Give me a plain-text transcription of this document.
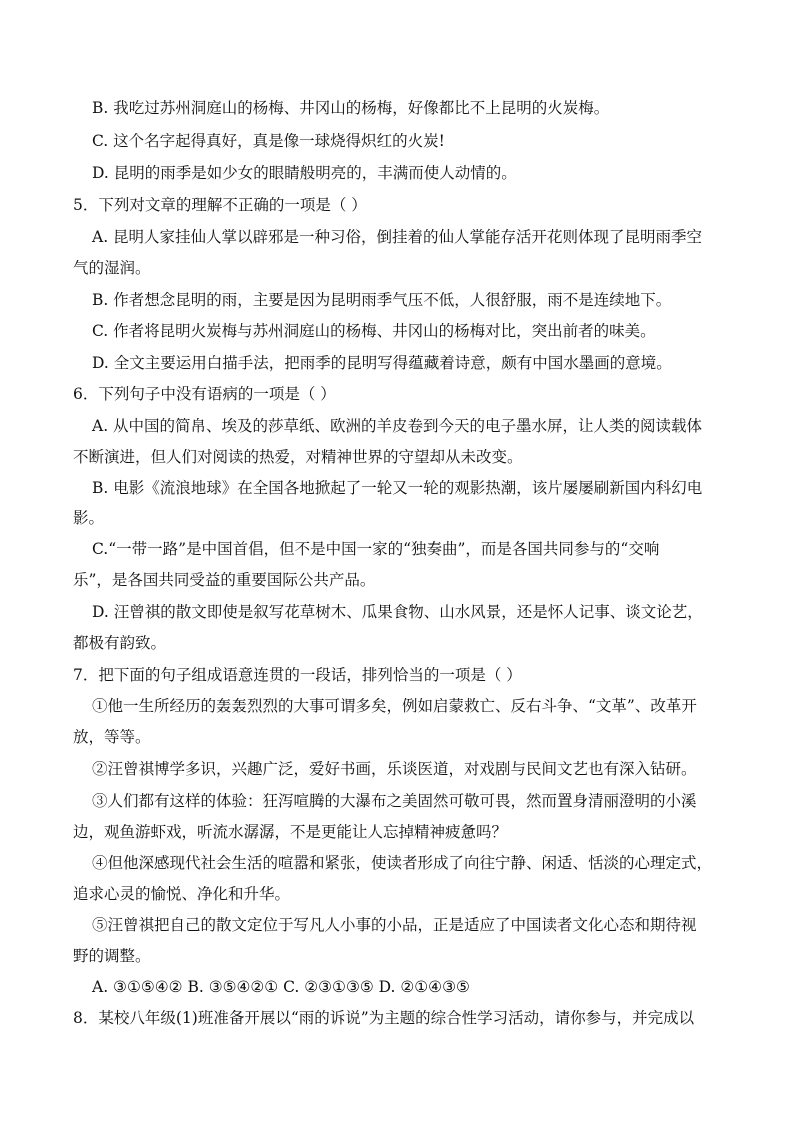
B. 我吃过苏州洞庭山的杨梅、井冈山的杨梅，好像都比不上昆明的火炭梅。
C. 这个名字起得真好，真是像一球烧得炽红的火炭!
D. 昆明的雨季是如少女的眼睛般明亮的，丰满而使人动情的。
5．下列对文章的理解不正确的一项是（ ）
A. 昆明人家挂仙人掌以辟邪是一种习俗，倒挂着的仙人掌能存活开花则体现了昆明雨季空
气的湿润。
B. 作者想念昆明的雨，主要是因为昆明雨季气压不低，人很舒服，雨不是连续地下。
C. 作者将昆明火炭梅与苏州洞庭山的杨梅、井冈山的杨梅对比，突出前者的味美。
D. 全文主要运用白描手法，把雨季的昆明写得蕴藏着诗意，颇有中国水墨画的意境。
6．下列句子中没有语病的一项是（ ）
A. 从中国的简帛、埃及的莎草纸、欧洲的羊皮卷到今天的电子墨水屏，让人类的阅读载体
不断演进，但人们对阅读的热爱，对精神世界的守望却从未改变。
B. 电影《流浪地球》在全国各地掀起了一轮又一轮的观影热潮，该片屡屡刷新国内科幻电
影。
C.“一带一路”是中国首倡，但不是中国一家的“独奏曲”，而是各国共同参与的“交响
乐”，是各国共同受益的重要国际公共产品。
D. 汪曾祺的散文即使是叙写花草树木、瓜果食物、山水风景，还是怀人记事、谈文论艺，
都极有韵致。
7．把下面的句子组成语意连贯的一段话，排列恰当的一项是（ ）
①他一生所经历的轰轰烈烈的大事可谓多矣，例如启蒙救亡、反右斗争、“文革”、改革开
放，等等。
②汪曾祺博学多识，兴趣广泛，爱好书画，乐谈医道，对戏剧与民间文艺也有深入钻研。
③人们都有这样的体验：狂泻喧腾的大瀑布之美固然可敬可畏，然而置身清丽澄明的小溪
边，观鱼游虾戏，听流水潺潺，不是更能让人忘掉精神疲惫吗？
④但他深感现代社会生活的喧嚣和紧张，使读者形成了向往宁静、闲适、恬淡的心理定式，
追求心灵的愉悦、净化和升华。
⑤汪曾祺把自己的散文定位于写凡人小事的小品，正是适应了中国读者文化心态和期待视
野的调整。
A. ③①⑤④② B. ③⑤④②① C. ②③①③⑤ D. ②①④③⑤
8．某校八年级(1)班准备开展以“雨的诉说”为主题的综合性学习活动，请你参与，并完成以
